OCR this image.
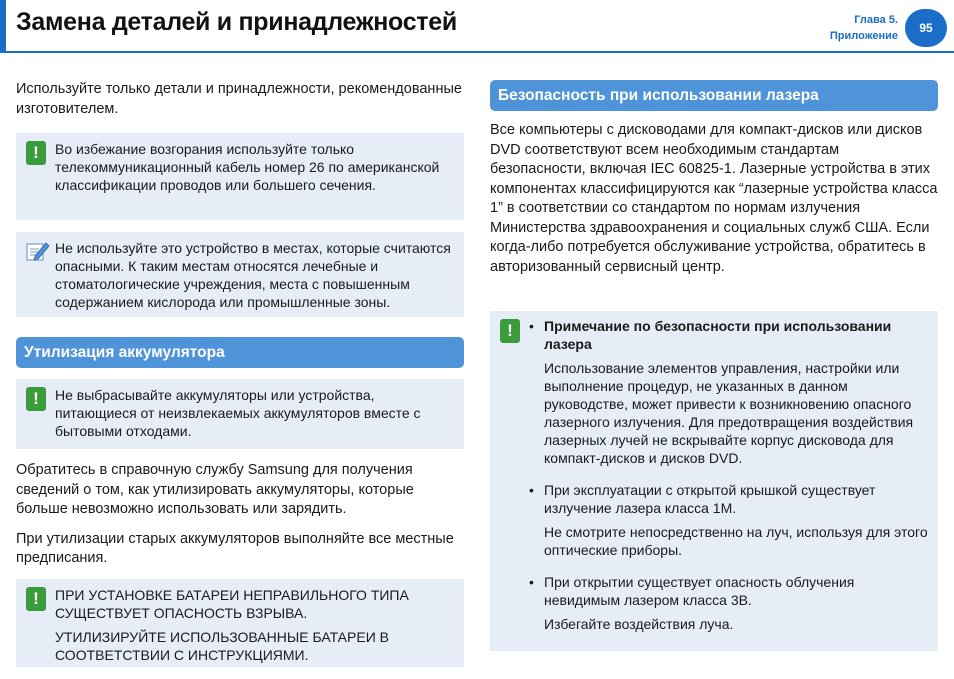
Замена деталей и принадлежностей	Глава 5.
Приложение
95

Используйте только детали и принадлежности, рекомендованные изготовителем.

!	Во избежание возгорания используйте только телекоммуникационный кабель номер 26 по американской классификации проводов или большего сечения.
Не используйте это устройство в местах, которые считаются опасными. К таким местам относятся лечебные и стоматологические учреждения, места с повышенным содержанием кислорода или промышленные зоны.
Утилизация аккумулятора
!	Не выбрасывайте аккумуляторы или устройства, питающиеся от неизвлекаемых аккумуляторов вместе с бытовыми отходами.

Обратитесь в справочную службу Samsung для получения сведений о том, как утилизировать аккумуляторы, которые больше невозможно использовать или зарядить.

При утилизации старых аккумуляторов выполняйте все местные предписания.

!	ПРИ УСТАНОВКЕ БАТАРЕИ НЕПРАВИЛЬНОГО ТИПА СУЩЕСТВУЕТ ОПАСНОСТЬ ВЗРЫВА.
УТИЛИЗИРУЙТЕ ИСПОЛЬЗОВАННЫЕ БАТАРЕИ В СООТВЕТСТВИИ С ИНСТРУКЦИЯМИ.
Безопасность при использовании лазера

Все компьютеры с дисководами для компакт-дисков или дисков DVD соответствуют всем необходимым стандартам безопасности, включая IEC 60825-1. Лазерные устройства в этих компонентах классифицируются как “лазерные устройства класса 1” в соответствии со стандартом по нормам излучения Министерства здравоохранения и социальных служб США. Если когда-либо потребуется обслуживание устройства, обратитесь в авторизованный сервисный центр.

!	• Примечание по безопасности при использовании лазера
Использование элементов управления, настройки или выполнение процедур, не указанных в данном руководстве, может привести к возникновению опасного лазерного излучения. Для предотвращения воздействия лазерных лучей не вскрывайте корпус дисковода для компакт-дисков и дисков DVD.
• При эксплуатации с открытой крышкой существует излучение лазера класса 1M.
Не смотрите непосредственно на луч, используя для этого оптические приборы.
• При открытии существует опасность облучения невидимым лазером класса 3B.
Избегайте воздействия луча.
